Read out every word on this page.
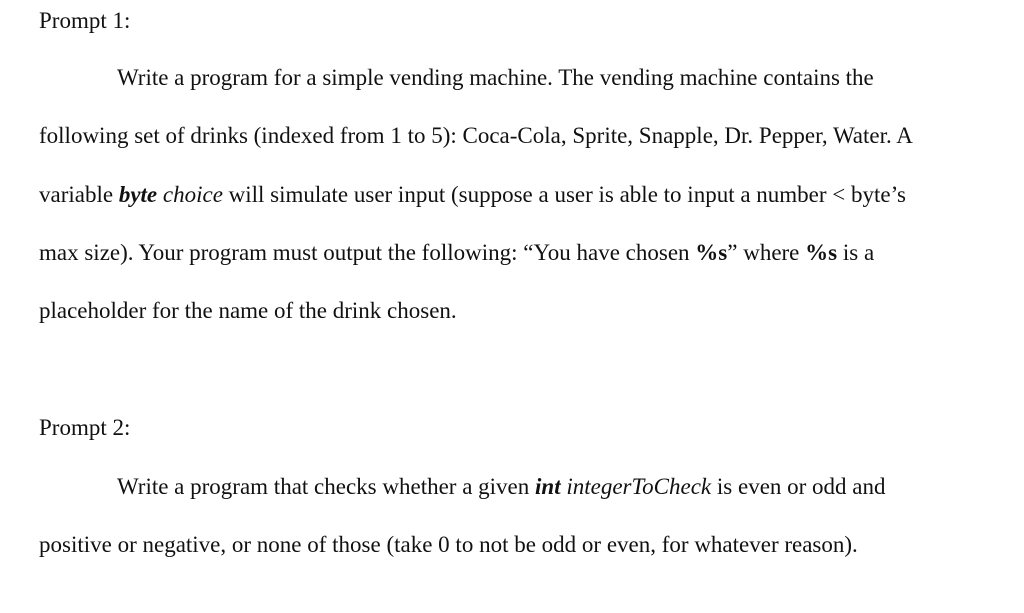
Prompt 1:
Write a program for a simple vending machine. The vending machine contains the
following set of drinks (indexed from 1 to 5): Coca-Cola, Sprite, Snapple, Dr. Pepper, Water. A
variable byte choice will simulate user input (suppose a user is able to input a number < byte’s
max size). Your program must output the following: “You have chosen %s” where %s is a
placeholder for the name of the drink chosen.
Prompt 2:
Write a program that checks whether a given int integerToCheck is even or odd and
positive or negative, or none of those (take 0 to not be odd or even, for whatever reason).
